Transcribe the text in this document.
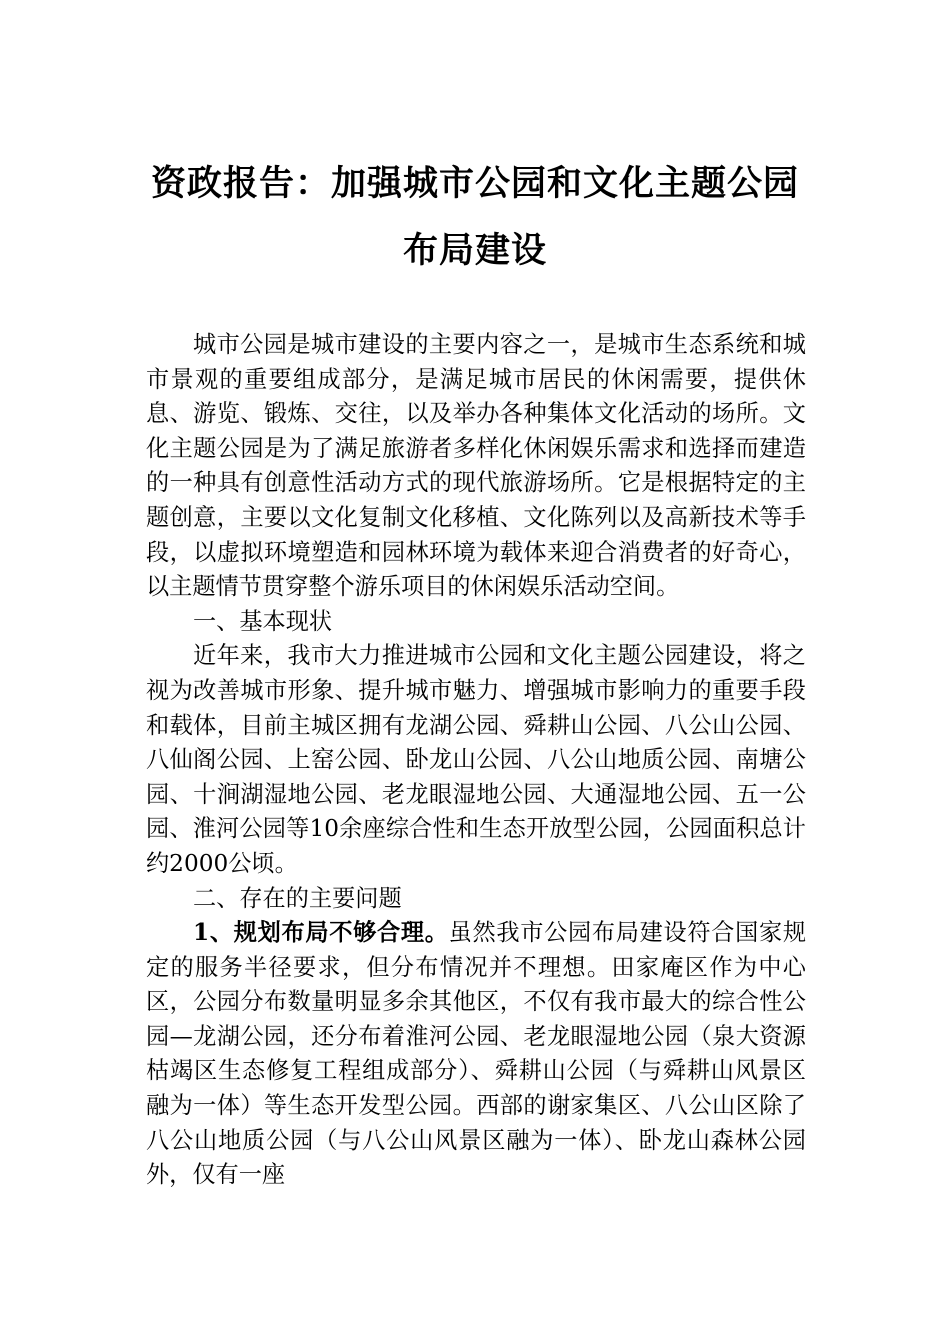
资政报告：加强城市公园和文化主题公园
布局建设

城市公园是城市建设的主要内容之一，是城市生态系统和城市景观的重要组成部分，是满足城市居民的休闲需要，提供休息、游览、锻炼、交往，以及举办各种集体文化活动的场所。文化主题公园是为了满足旅游者多样化休闲娱乐需求和选择而建造的一种具有创意性活动方式的现代旅游场所。它是根据特定的主题创意，主要以文化复制文化移植、文化陈列以及高新技术等手段，以虚拟环境塑造和园林环境为载体来迎合消费者的好奇心，以主题情节贯穿整个游乐项目的休闲娱乐活动空间。

一、基本现状

近年来，我市大力推进城市公园和文化主题公园建设，将之视为改善城市形象、提升城市魅力、增强城市影响力的重要手段和载体，目前主城区拥有龙湖公园、舜耕山公园、八公山公园、八仙阁公园、上窑公园、卧龙山公园、八公山地质公园、南塘公园、十涧湖湿地公园、老龙眼湿地公园、大通湿地公园、五一公园、淮河公园等10余座综合性和生态开放型公园，公园面积总计约2000公顷。

二、存在的主要问题

1、规划布局不够合理。虽然我市公园布局建设符合国家规定的服务半径要求，但分布情况并不理想。田家庵区作为中心区，公园分布数量明显多余其他区，不仅有我市最大的综合性公园—龙湖公园，还分布着淮河公园、老龙眼湿地公园（泉大资源枯竭区生态修复工程组成部分）、舜耕山公园（与舜耕山风景区融为一体）等生态开发型公园。西部的谢家集区、八公山区除了八公山地质公园（与八公山风景区融为一体）、卧龙山森林公园外，仅有一座
